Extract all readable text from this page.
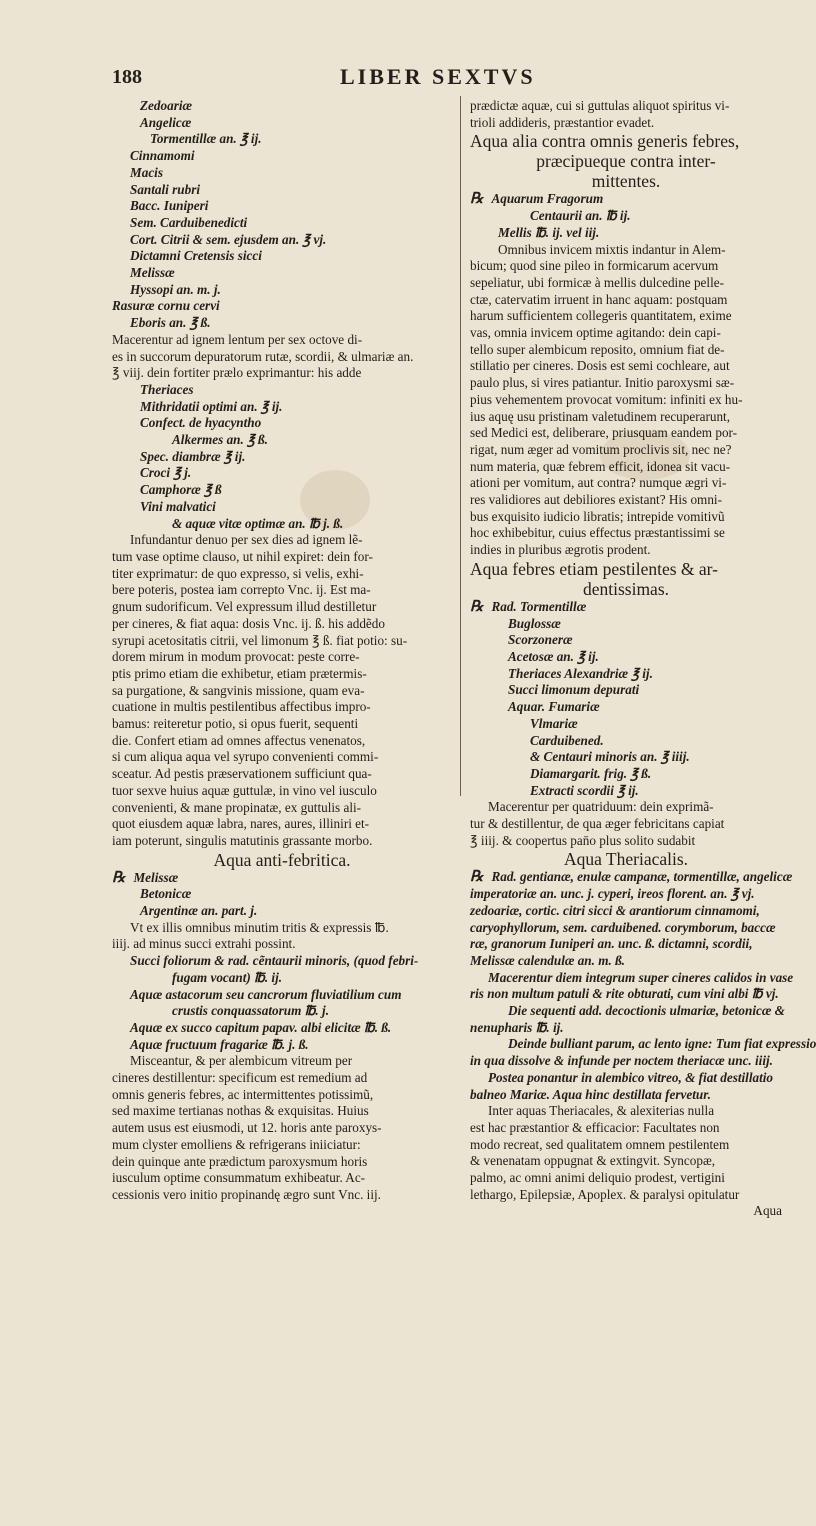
188	LIBER SEXTVS
Zedoariæ
Angelicæ
Tormentillæ an. ℥ ij.
Cinnamomi
Macis
Santali rubri
Bacc. Iuniperi
Sem. Carduibenedicti
Cort. Citrii & sem. ejusdem an. ℥ vj.
Dictamni Cretensis sicci
Melissæ
Hyssopi an. m. j.
Rasuræ cornu cervi
Eboris an. ℥ ß.
Macerentur ad ignem lentum per sex octove di-
es in succorum depuratorum rutæ, scordii, & ulmariæ an.
℥ viij. dein fortiter prælo exprimantur: his adde
Theriaces
Mithridatii optimi an. ℥ ij.
Confect. de hyacyntho
Alkermes an. ℥ ß.
Spec. diambræ ℥ ij.
Croci ℥ j.
Camphoræ ℥ ß
Vini malvatici
& aquæ vitæ optimæ an. ℔ j. ß.
Infundantur denuo per sex dies ad ignem lẽ-
tum vase optime clauso, ut nihil expiret: dein for-
titer exprimatur: de quo expresso, si velis, exhi-
bere poteris, postea iam correpto Vnc. ij. Est ma-
gnum sudorificum. Vel expressum illud destilletur
per cineres, & fiat aqua: dosis Vnc. ij. ß. his addẽdo
syrupi acetositatis citrii, vel limonum ℥ ß. fiat potio: su-
dorem mirum in modum provocat: peste corre-
ptis primo etiam die exhibetur, etiam prætermis-
sa purgatione, & sangvinis missione, quam eva-
cuatione in multis pestilentibus affectibus impro-
bamus: reiteretur potio, si opus fuerit, sequenti
die. Confert etiam ad omnes affectus venenatos,
si cum aliqua aqua vel syrupo convenienti commi-
sceatur. Ad pestis præservationem sufficiunt qua-
tuor sexve huius aquæ guttulæ, in vino vel iusculo
convenienti, & mane propinatæ, ex guttulis ali-
quot eiusdem aquæ labra, nares, aures, illiniri et-
iam poterunt, singulis matutinis grassante morbo.
Aqua anti-febritica.
℞ Melissæ
Betonicæ
Argentinæ an. part. j.
Vt ex illis omnibus minutim tritis & expressis ℔.
iiij. ad minus succi extrahi possint.
Succi foliorum & rad. cẽntaurii minoris, (quod febri-
fugam vocant) ℔. ij.
Aquæ astacorum seu cancrorum fluviatilium cum
crustis conquassatorum ℔. j.
Aquæ ex succo capitum papav. albi elicitæ ℔. ß.
Aquæ fructuum fragariæ ℔. j. ß.
Misceantur, & per alembicum vitreum per
cineres destillentur: specificum est remedium ad
omnis generis febres, ac intermittentes potissimũ,
sed maxime tertianas nothas & exquisitas. Huius
autem usus est eiusmodi, ut 12. horis ante paroxys-
mum clyster emolliens & refrigerans iniiciatur:
dein quinque ante prædictum paroxysmum horis
iusculum optime consummatum exhibeatur. Ac-
cessionis vero initio propinandę ægro sunt Vnc. iij.
prædictæ aquæ, cui si guttulas aliquot spiritus vi-
trioli addideris, præstantior evadet.
Aqua alia contra omnis generis febres,
præcipueque contra inter-
mittentes.
℞ Aquarum Fragorum
Centaurii an. ℔ ij.
Mellis ℔. ij. vel iij.
Omnibus invicem mixtis indantur in Alem-
bicum; quod sine pileo in formicarum acervum
sepeliatur, ubi formicæ à mellis dulcedine pelle-
ctæ, catervatim irruent in hanc aquam: postquam
harum sufficientem collegeris quantitatem, exime
vas, omnia invicem optime agitando: dein capi-
tello super alembicum reposito, omnium fiat de-
stillatio per cineres. Dosis est semi cochleare, aut
paulo plus, si vires patiantur. Initio paroxysmi sæ-
pius vehementem provocat vomitum: infiniti ex hu-
ius aquę usu pristinam valetudinem recuperarunt,
sed Medici est, deliberare, priusquam eandem por-
rigat, num æger ad vomitum proclivis sit, nec ne?
num materia, quæ febrem efficit, idonea sit vacu-
ationi per vomitum, aut contra? numque ægri vi-
res validiores aut debiliores existant? His omni-
bus exquisito iudicio libratis; intrepide vomitivũ
hoc exhibebitur, cuius effectus præstantissimi se
indies in pluribus ægrotis prodent.
Aqua febres etiam pestilentes & ar-
dentissimas.
℞ Rad. Tormentillæ
Buglossæ
Scorzoneræ
Acetosæ an. ℥ ij.
Theriaces Alexandriæ ℥ ij.
Succi limonum depurati
Aquar. Fumariæ
Vlmariæ
Carduibened.
& Centauri minoris an. ℥ iiij.
Diamargarit. frig. ℥ ß.
Extracti scordii ℥ ij.
Macerentur per quatriduum: dein exprimã-
tur & destillentur, de qua æger febricitans capiat
℥ iiij. & coopertus pan̄o plus solito sudabit
Aqua Theriacalis.
℞ Rad. gentianæ, enulæ campanæ, tormentillæ, angelicæ
imperatoriæ an. unc. j. cyperi, ireos florent. an. ℥ vj.
zedoariæ, cortic. citri sicci & arantiorum cinnamomi,
caryophyllorum, sem. carduibened. corymborum, baccæ
ræ, granorum Iuniperi an. unc. ß. dictamni, scordii,
Melissæ calendulæ an. m. ß.
Macerentur diem integrum super cineres calidos in vase
ris non multum patuli & rite obturati, cum vini albi ℔ vj.
Die sequenti add. decoctionis ulmariæ, betonicæ &
nenupharis ℔. ij.
Deinde bulliant parum, ac lento igne: Tum fiat expressio
in qua dissolve & infunde per noctem theriacæ unc. iiij.
Postea ponantur in alembico vitreo, & fiat destillatio
balneo Mariæ. Aqua hinc destillata fervetur.
Inter aquas Theriacales, & alexiterias nulla
est hac præstantior & efficacior: Facultates non
modo recreat, sed qualitatem omnem pestilentem
& venenatam oppugnat & extingvit. Syncopæ,
palmo, ac omni animi deliquio prodest, vertigini
lethargo, Epilepsiæ, Apoplex. & paralysi opitulatur
Aqua
